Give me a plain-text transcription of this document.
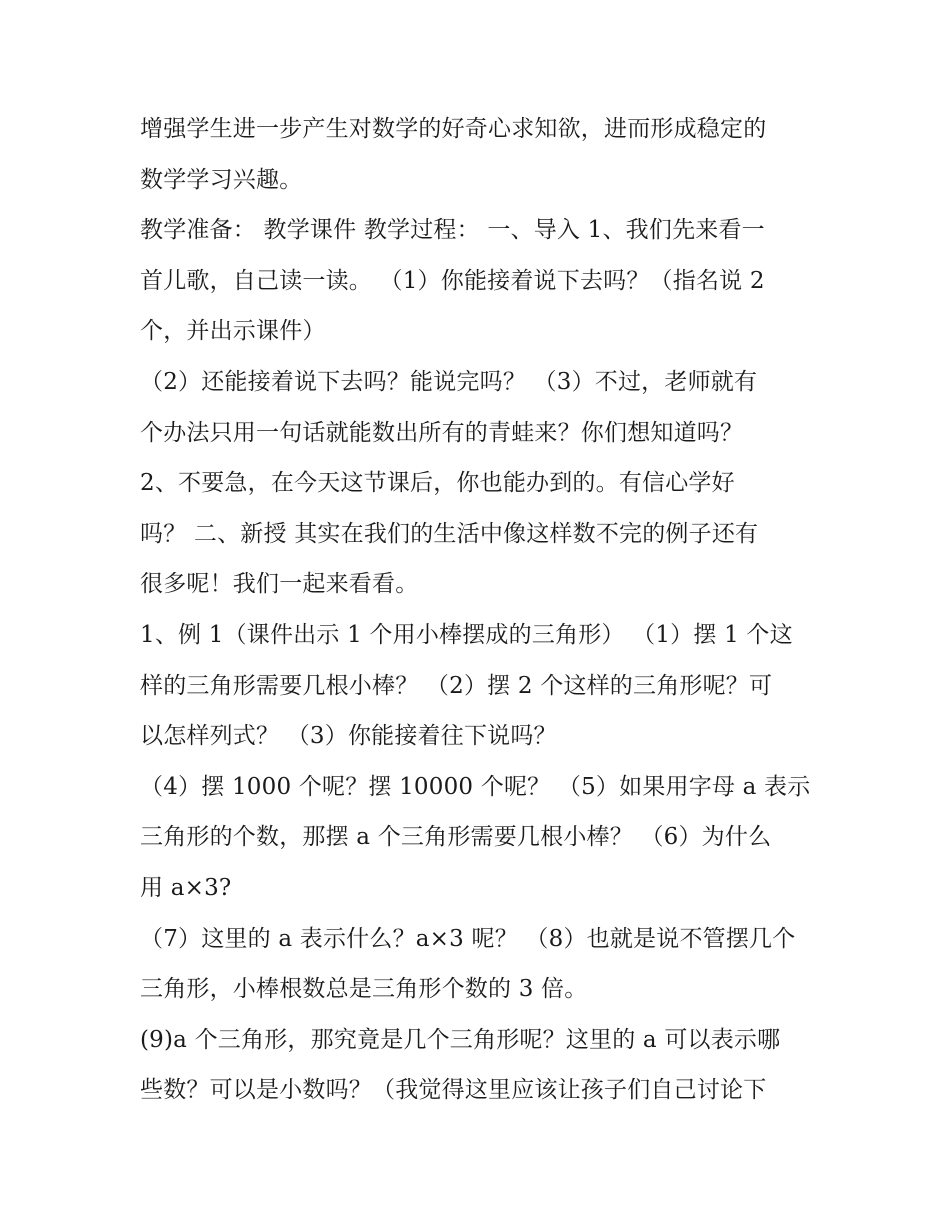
增强学生进一步产生对数学的好奇心求知欲，进而形成稳定的
数学学习兴趣。
教学准备： 教学课件 教学过程： 一、导入 1、我们先来看一
首儿歌，自己读一读。 （1）你能接着说下去吗？（指名说 2
个，并出示课件）
（2）还能接着说下去吗？能说完吗？ （3）不过，老师就有
个办法只用一句话就能数出所有的青蛙来？你们想知道吗？
2、不要急，在今天这节课后，你也能办到的。有信心学好
吗？ 二、新授 其实在我们的生活中像这样数不完的例子还有
很多呢！我们一起来看看。
1、例 1（课件出示 1 个用小棒摆成的三角形） （1）摆 1 个这
样的三角形需要几根小棒？ （2）摆 2 个这样的三角形呢？可
以怎样列式？ （3）你能接着往下说吗？
（4）摆 1000 个呢？摆 10000 个呢？ （5）如果用字母 a 表示
三角形的个数，那摆 a 个三角形需要几根小棒？ （6）为什么
用 a×3?
（7）这里的 a 表示什么？a×3 呢？ （8）也就是说不管摆几个
三角形，小棒根数总是三角形个数的 3 倍。
(9)a 个三角形，那究竟是几个三角形呢？这里的 a 可以表示哪
些数？可以是小数吗？（我觉得这里应该让孩子们自己讨论下
